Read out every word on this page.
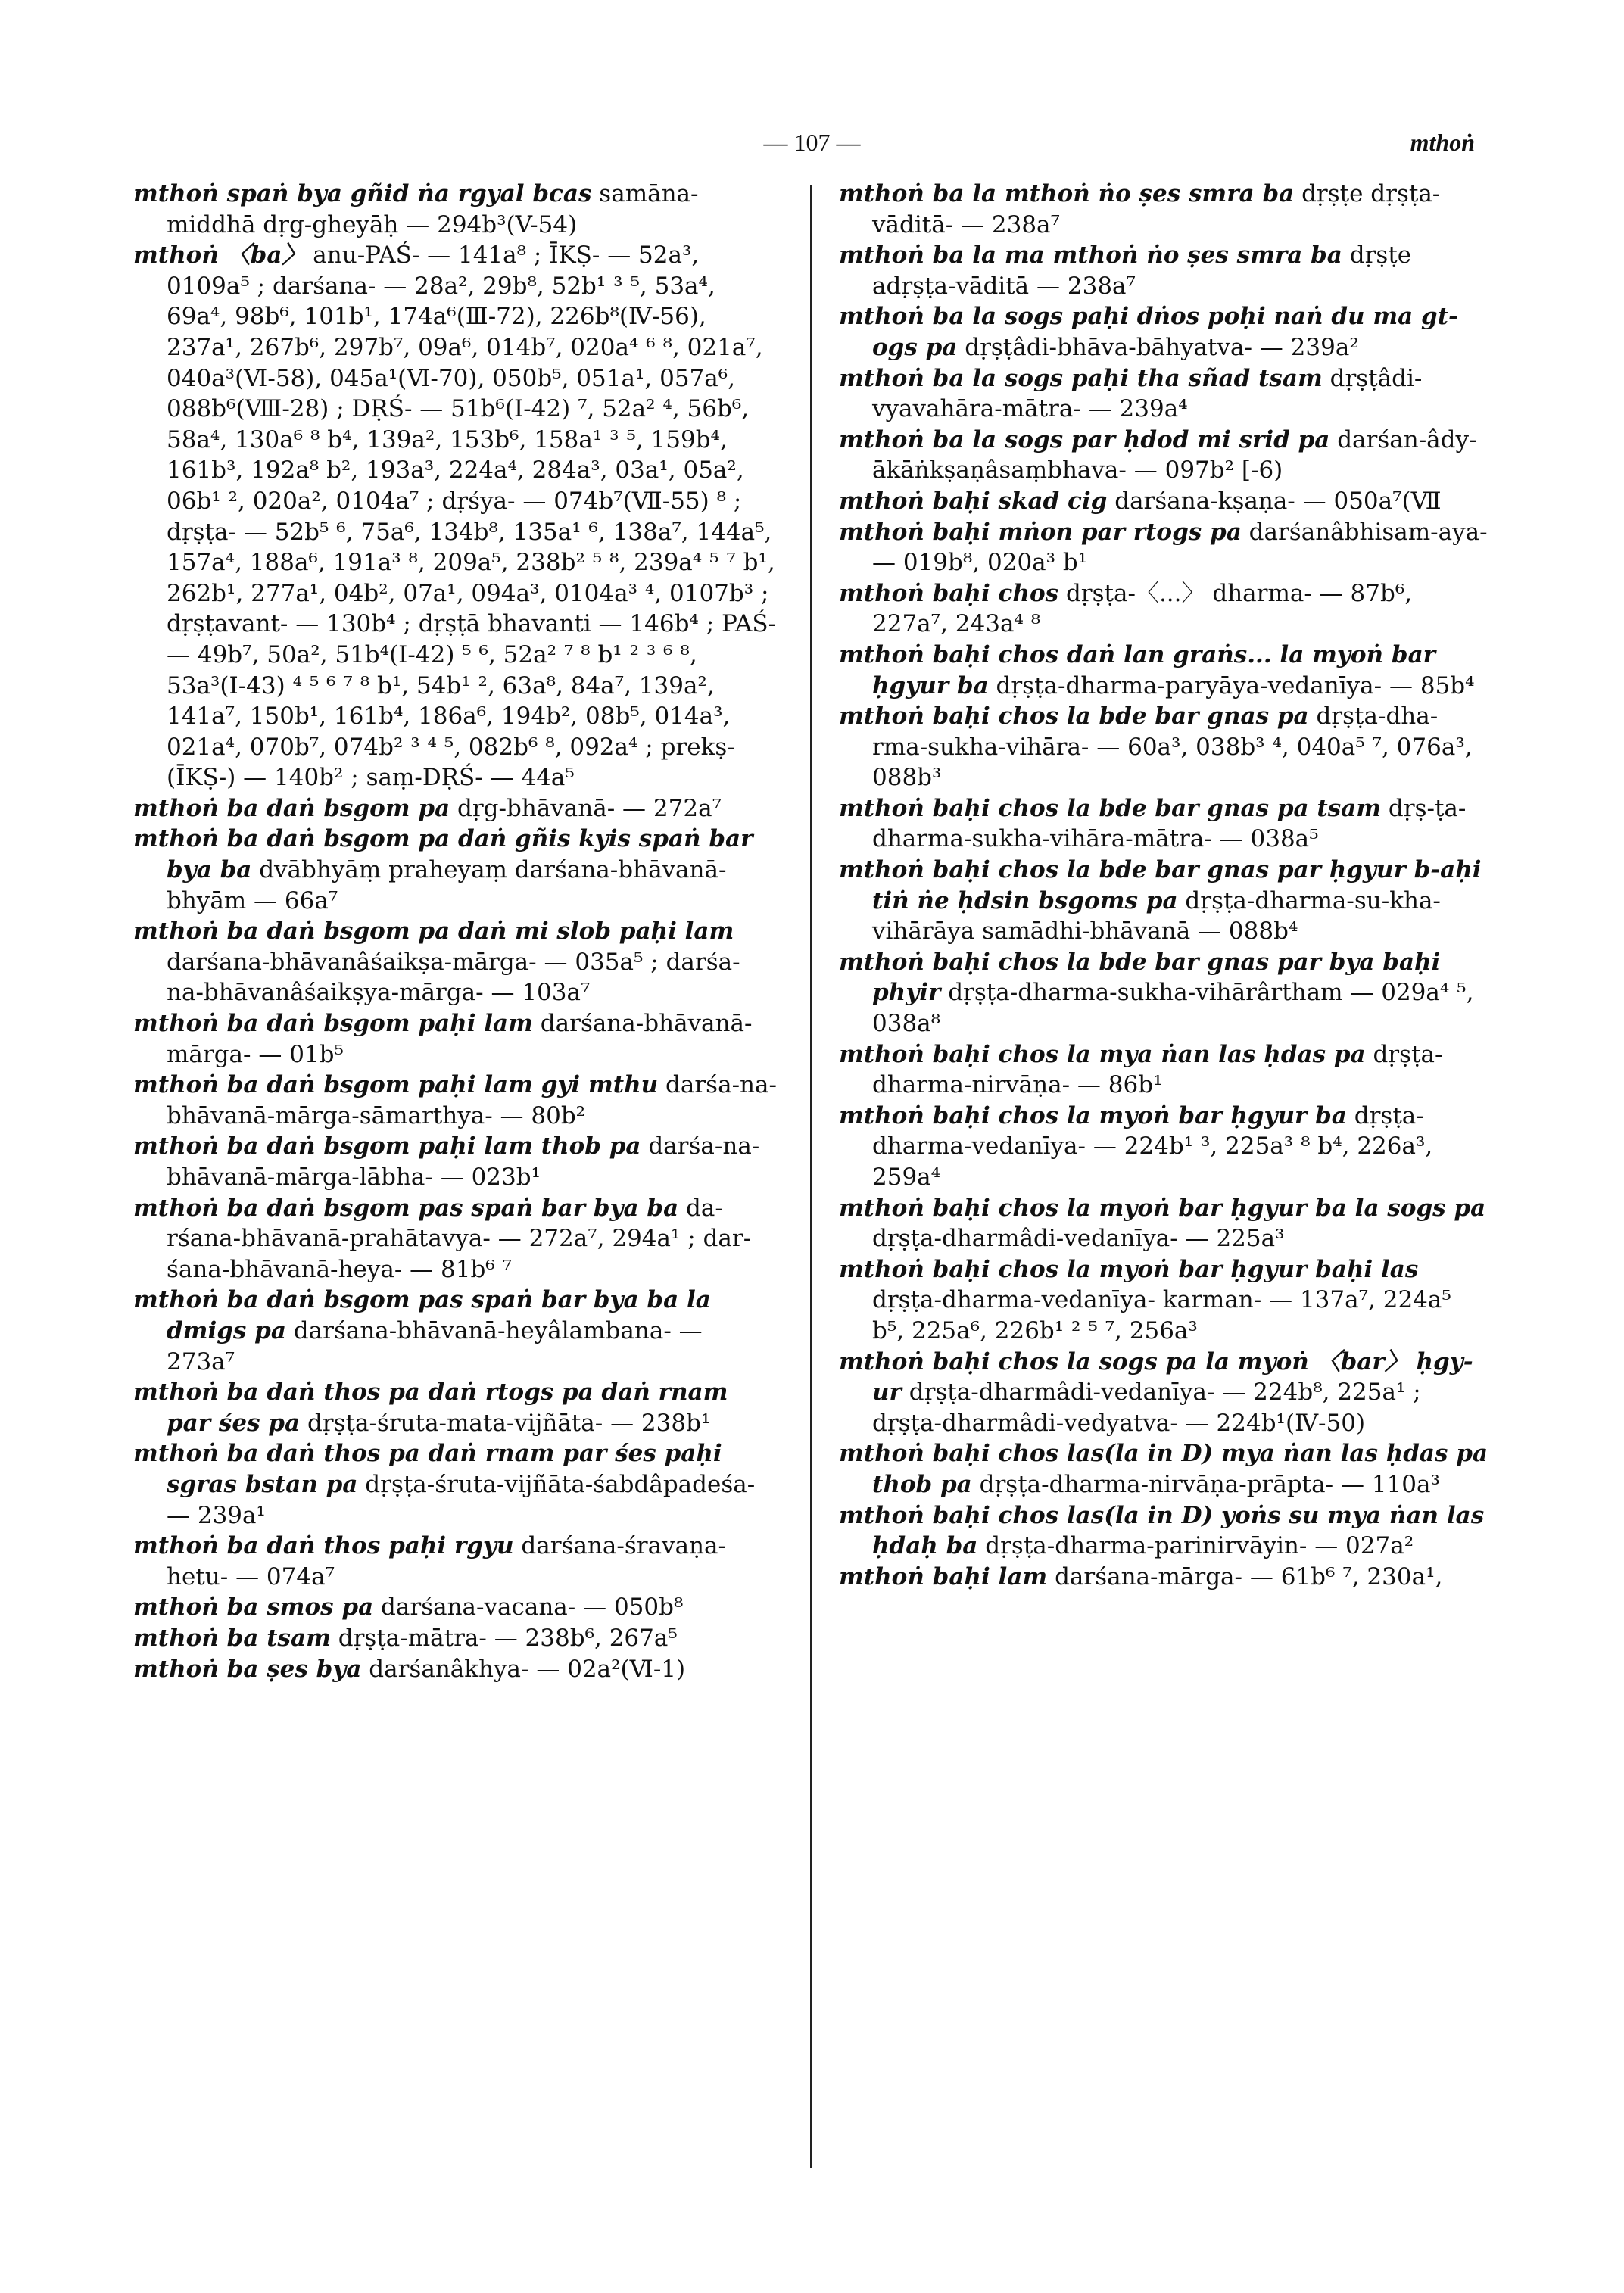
— 107 —	mthoṅ

mthoṅ spaṅ bya gñid ṅa rgyal bcas samāna-middhā dṛg-gheyāḥ — 294b³(V-54)

mthoṅ 〈ba〉 anu-PAŚ- — 141a⁸ ; ĪKṢ- — 52a³, 0109a⁵ ; darśana- — 28a², 29b⁸, 52b¹ ³ ⁵, 53a⁴, 69a⁴, 98b⁶, 101b¹, 174a⁶(Ⅲ-72), 226b⁸(Ⅳ-56), 237a¹, 267b⁶, 297b⁷, 09a⁶, 014b⁷, 020a⁴ ⁶ ⁸, 021a⁷, 040a³(Ⅵ-58), 045a¹(Ⅵ-70), 050b⁵, 051a¹, 057a⁶, 088b⁶(Ⅷ-28) ; DṚŚ- — 51b⁶(Ⅰ-42) ⁷, 52a² ⁴, 56b⁶, 58a⁴, 130a⁶ ⁸ b⁴, 139a², 153b⁶, 158a¹ ³ ⁵, 159b⁴, 161b³, 192a⁸ b², 193a³, 224a⁴, 284a³, 03a¹, 05a², 06b¹ ², 020a², 0104a⁷ ; dṛśya- — 074b⁷(Ⅶ-55) ⁸ ; dṛṣṭa- — 52b⁵ ⁶, 75a⁶, 134b⁸, 135a¹ ⁶, 138a⁷, 144a⁵, 157a⁴, 188a⁶, 191a³ ⁸, 209a⁵, 238b² ⁵ ⁸, 239a⁴ ⁵ ⁷ b¹, 262b¹, 277a¹, 04b², 07a¹, 094a³, 0104a³ ⁴, 0107b³ ; dṛṣṭavant- — 130b⁴ ; dṛṣṭā bhavanti — 146b⁴ ; PAŚ- — 49b⁷, 50a², 51b⁴(Ⅰ-42) ⁵ ⁶, 52a² ⁷ ⁸ b¹ ² ³ ⁶ ⁸, 53a³(Ⅰ-43) ⁴ ⁵ ⁶ ⁷ ⁸ b¹, 54b¹ ², 63a⁸, 84a⁷, 139a², 141a⁷, 150b¹, 161b⁴, 186a⁶, 194b², 08b⁵, 014a³, 021a⁴, 070b⁷, 074b² ³ ⁴ ⁵, 082b⁶ ⁸, 092a⁴ ; prekṣ-(ĪKṢ-) — 140b² ; saṃ-DṚŚ- — 44a⁵

mthoṅ ba daṅ bsgom pa dṛg-bhāvanā- — 272a⁷

mthoṅ ba daṅ bsgom pa daṅ gñis kyis spaṅ bar bya ba dvābhyāṃ praheyaṃ darśana-bhāvanā-bhyām — 66a⁷

mthoṅ ba daṅ bsgom pa daṅ mi slob paḥi lam darśana-bhāvanâśaikṣa-mārga- — 035a⁵ ; darśa-na-bhāvanâśaikṣya-mārga- — 103a⁷

mthoṅ ba daṅ bsgom paḥi lam darśana-bhāvanā-mārga- — 01b⁵

mthoṅ ba daṅ bsgom paḥi lam gyi mthu darśa-na-bhāvanā-mārga-sāmarthya- — 80b²

mthoṅ ba daṅ bsgom paḥi lam thob pa darśa-na-bhāvanā-mārga-lābha- — 023b¹

mthoṅ ba daṅ bsgom pas spaṅ bar bya ba da-rśana-bhāvanā-prahātavya- — 272a⁷, 294a¹ ; dar-śana-bhāvanā-heya- — 81b⁶ ⁷

mthoṅ ba daṅ bsgom pas spaṅ bar bya ba la dmigs pa darśana-bhāvanā-heyâlambana- — 273a⁷

mthoṅ ba daṅ thos pa daṅ rtogs pa daṅ rnam par śes pa dṛṣṭa-śruta-mata-vijñāta- — 238b¹

mthoṅ ba daṅ thos pa daṅ rnam par śes paḥi sgras bstan pa dṛṣṭa-śruta-vijñāta-śabdâpadeśa- — 239a¹

mthoṅ ba daṅ thos paḥi rgyu darśana-śravaṇa-hetu- — 074a⁷

mthoṅ ba smos pa darśana-vacana- — 050b⁸

mthoṅ ba tsam dṛṣṭa-mātra- — 238b⁶, 267a⁵

mthoṅ ba ṣes bya darśanâkhya- — 02a²(Ⅵ-1)

mthoṅ ba la mthoṅ ṅo ṣes smra ba dṛṣṭe dṛṣṭa-vāditā- — 238a⁷

mthoṅ ba la ma mthoṅ ṅo ṣes smra ba dṛṣṭe adṛṣṭa-vāditā — 238a⁷

mthoṅ ba la sogs paḥi dṅos poḥi naṅ du ma gt-ogs pa dṛṣṭâdi-bhāva-bāhyatva- — 239a²

mthoṅ ba la sogs paḥi tha sñad tsam dṛṣṭâdi-vyavahāra-mātra- — 239a⁴

mthoṅ ba la sogs par ḥdod mi srid pa darśan-âdy-ākāṅkṣaṇâsaṃbhava- — 097b² [-6)

mthoṅ baḥi skad cig darśana-kṣaṇa- — 050a⁷(Ⅶ

mthoṅ baḥi mṅon par rtogs pa darśanâbhisam-aya- — 019b⁸, 020a³ b¹

mthoṅ baḥi chos dṛṣṭa-〈...〉 dharma- — 87b⁶, 227a⁷, 243a⁴ ⁸

mthoṅ baḥi chos daṅ lan graṅs... la myoṅ bar ḥgyur ba dṛṣṭa-dharma-paryāya-vedanīya- — 85b⁴

mthoṅ baḥi chos la bde bar gnas pa dṛṣṭa-dha-rma-sukha-vihāra- — 60a³, 038b³ ⁴, 040a⁵ ⁷, 076a³, 088b³

mthoṅ baḥi chos la bde bar gnas pa tsam dṛṣ-ṭa-dharma-sukha-vihāra-mātra- — 038a⁵

mthoṅ baḥi chos la bde bar gnas par ḥgyur b-aḥi tiṅ ṅe ḥdsin bsgoms pa dṛṣṭa-dharma-su-kha-vihārāya samādhi-bhāvanā — 088b⁴

mthoṅ baḥi chos la bde bar gnas par bya baḥi phyir dṛṣṭa-dharma-sukha-vihārârtham — 029a⁴ ⁵, 038a⁸

mthoṅ baḥi chos la mya ṅan las ḥdas pa dṛṣṭa-dharma-nirvāṇa- — 86b¹

mthoṅ baḥi chos la myoṅ bar ḥgyur ba dṛṣṭa-dharma-vedanīya- — 224b¹ ³, 225a³ ⁸ b⁴, 226a³, 259a⁴

mthoṅ baḥi chos la myoṅ bar ḥgyur ba la sogs pa dṛṣṭa-dharmâdi-vedanīya- — 225a³

mthoṅ baḥi chos la myoṅ bar ḥgyur baḥi las dṛṣṭa-dharma-vedanīya- karman- — 137a⁷, 224a⁵ b⁵, 225a⁶, 226b¹ ² ⁵ ⁷, 256a³

mthoṅ baḥi chos la sogs pa la myoṅ 〈bar〉 ḥgy-ur dṛṣṭa-dharmâdi-vedanīya- — 224b⁸, 225a¹ ; dṛṣṭa-dharmâdi-vedyatva- — 224b¹(Ⅳ-50)

mthoṅ baḥi chos las(la in D) mya ṅan las ḥdas pa thob pa dṛṣṭa-dharma-nirvāṇa-prāpta- — 110a³

mthoṅ baḥi chos las(la in D) yoṅs su mya ṅan las ḥdaḥ ba dṛṣṭa-dharma-parinirvāyin- — 027a²

mthoṅ baḥi lam darśana-mārga- — 61b⁶ ⁷, 230a¹,
